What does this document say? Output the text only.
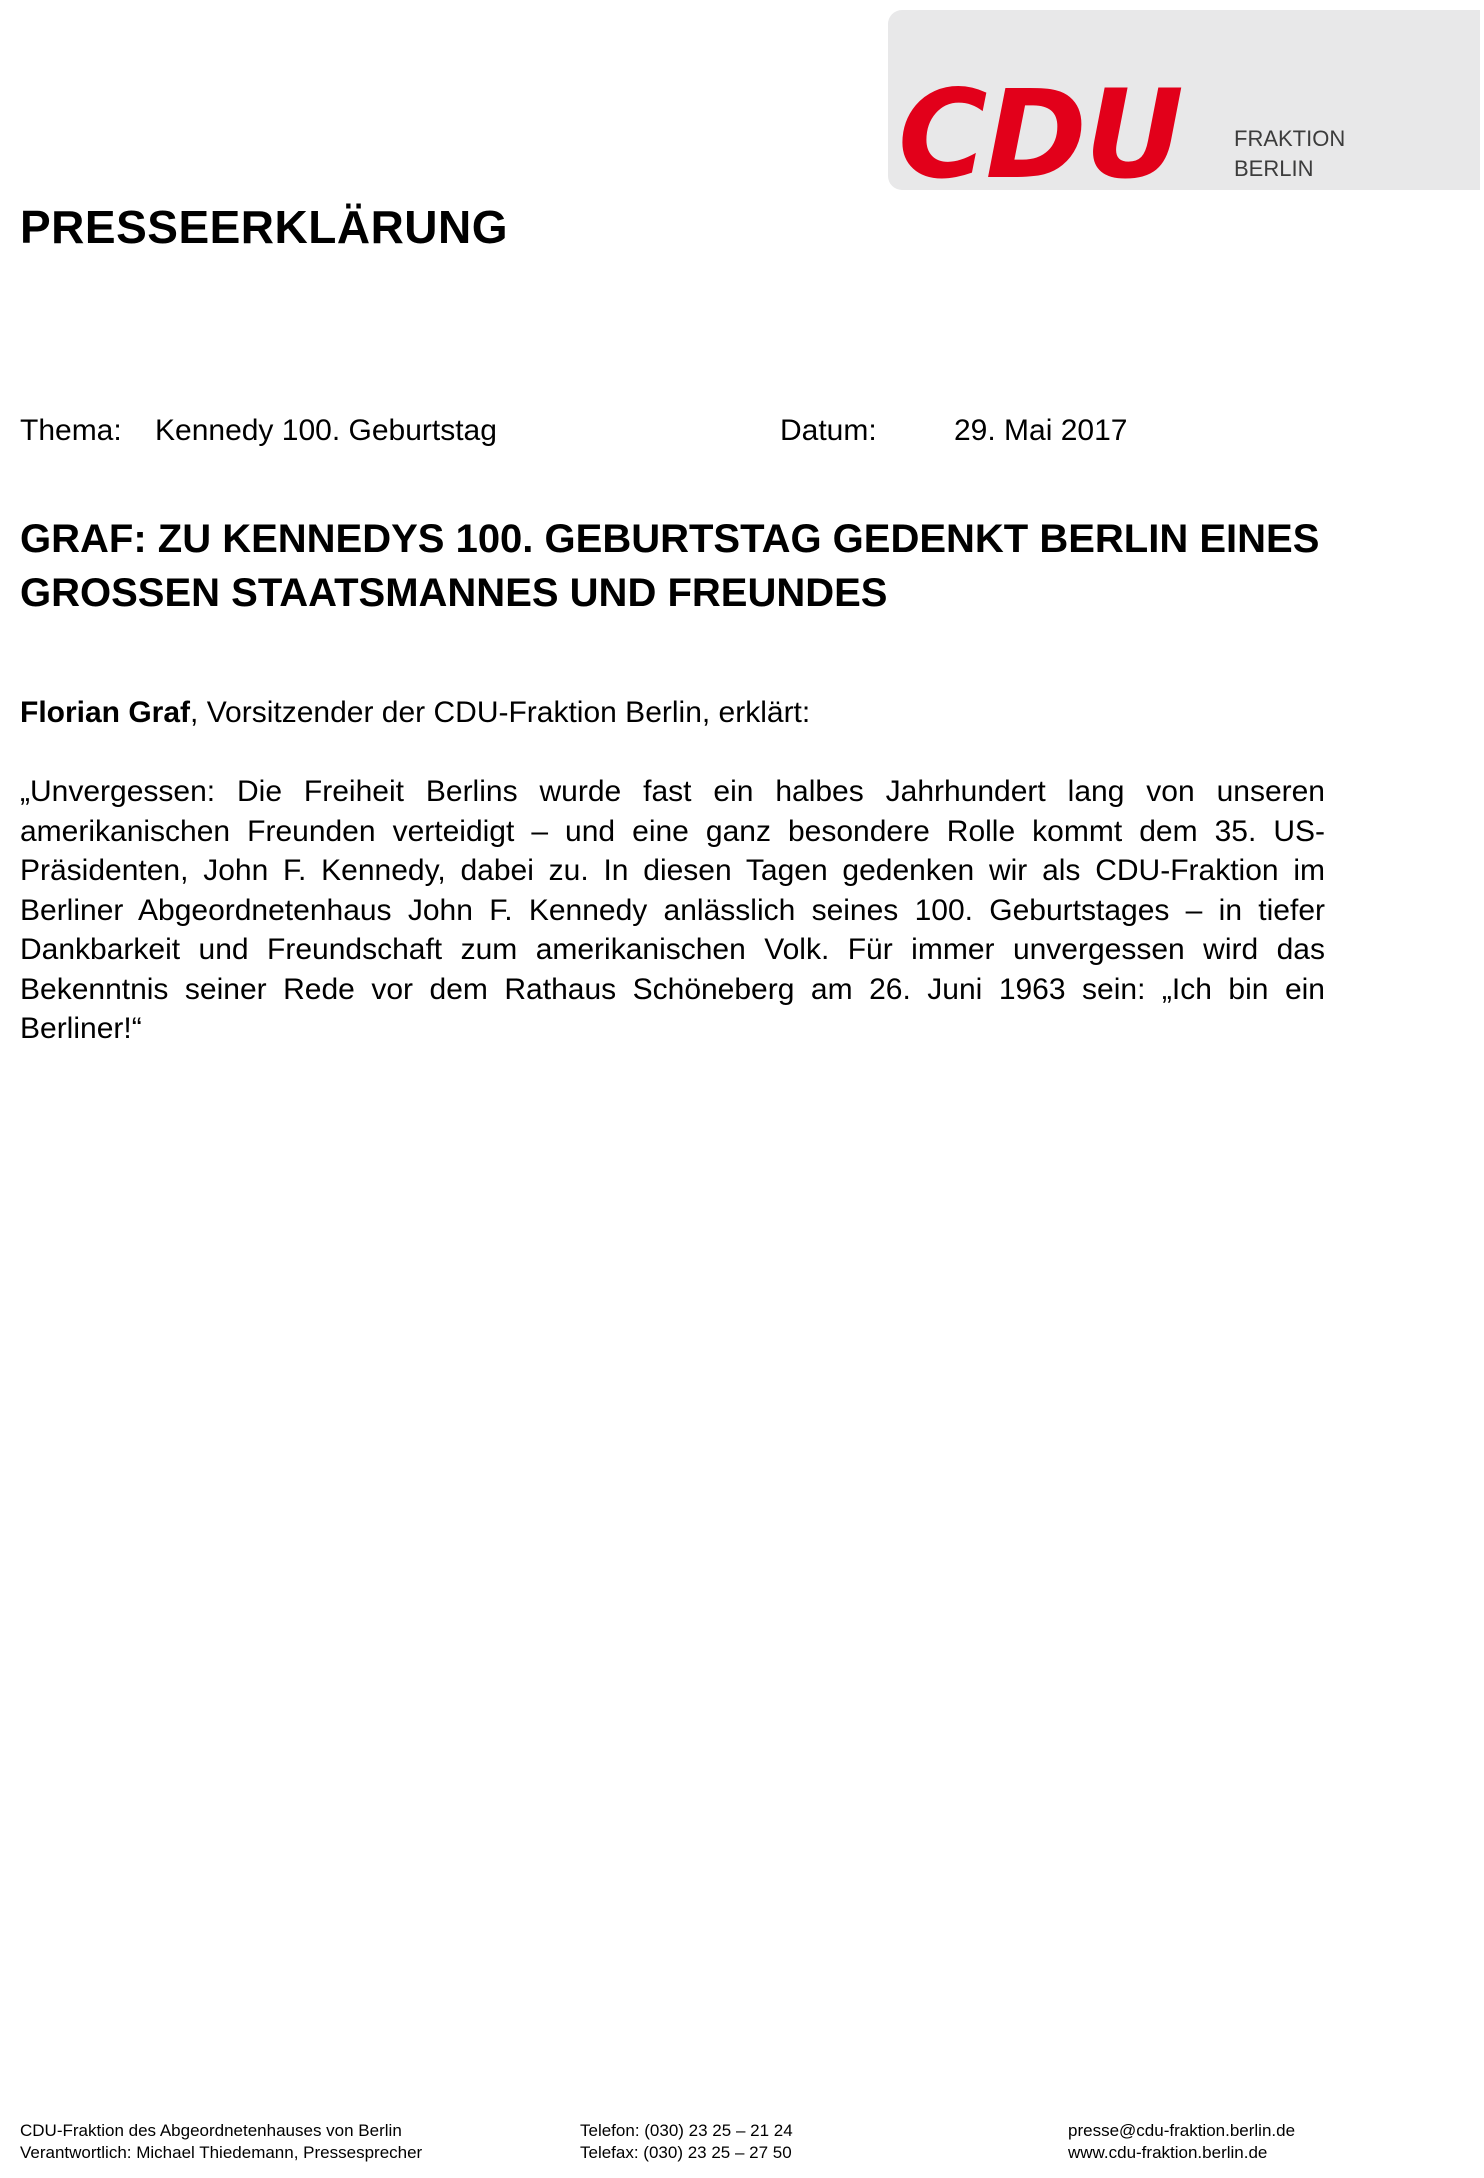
CDU FRAKTION
BERLIN
PRESSEERKLÄRUNG
Thema: Kennedy 100. Geburtstag	Datum:	29. Mai 2017
GRAF: ZU KENNEDYS 100. GEBURTSTAG GEDENKT BERLIN EINES GROSSEN STAATSMANNES UND FREUNDES
Florian Graf, Vorsitzender der CDU-Fraktion Berlin, erklärt:
„Unvergessen: Die Freiheit Berlins wurde fast ein halbes Jahrhundert lang von unseren amerikanischen Freunden verteidigt – und eine ganz besondere Rolle kommt dem 35. US-Präsidenten, John F. Kennedy, dabei zu. In diesen Tagen gedenken wir als CDU-Fraktion im Berliner Abgeordnetenhaus John F. Kennedy anlässlich seines 100. Geburtstages – in tiefer Dankbarkeit und Freundschaft zum amerikanischen Volk. Für immer unvergessen wird das Bekenntnis seiner Rede vor dem Rathaus Schöneberg am 26. Juni 1963 sein: „Ich bin ein Berliner!“
CDU-Fraktion des Abgeordnetenhauses von Berlin
Verantwortlich: Michael Thiedemann, Pressesprecher
Telefon: (030) 23 25 – 21 24
Telefax: (030) 23 25 – 27 50
presse@cdu-fraktion.berlin.de
www.cdu-fraktion.berlin.de
